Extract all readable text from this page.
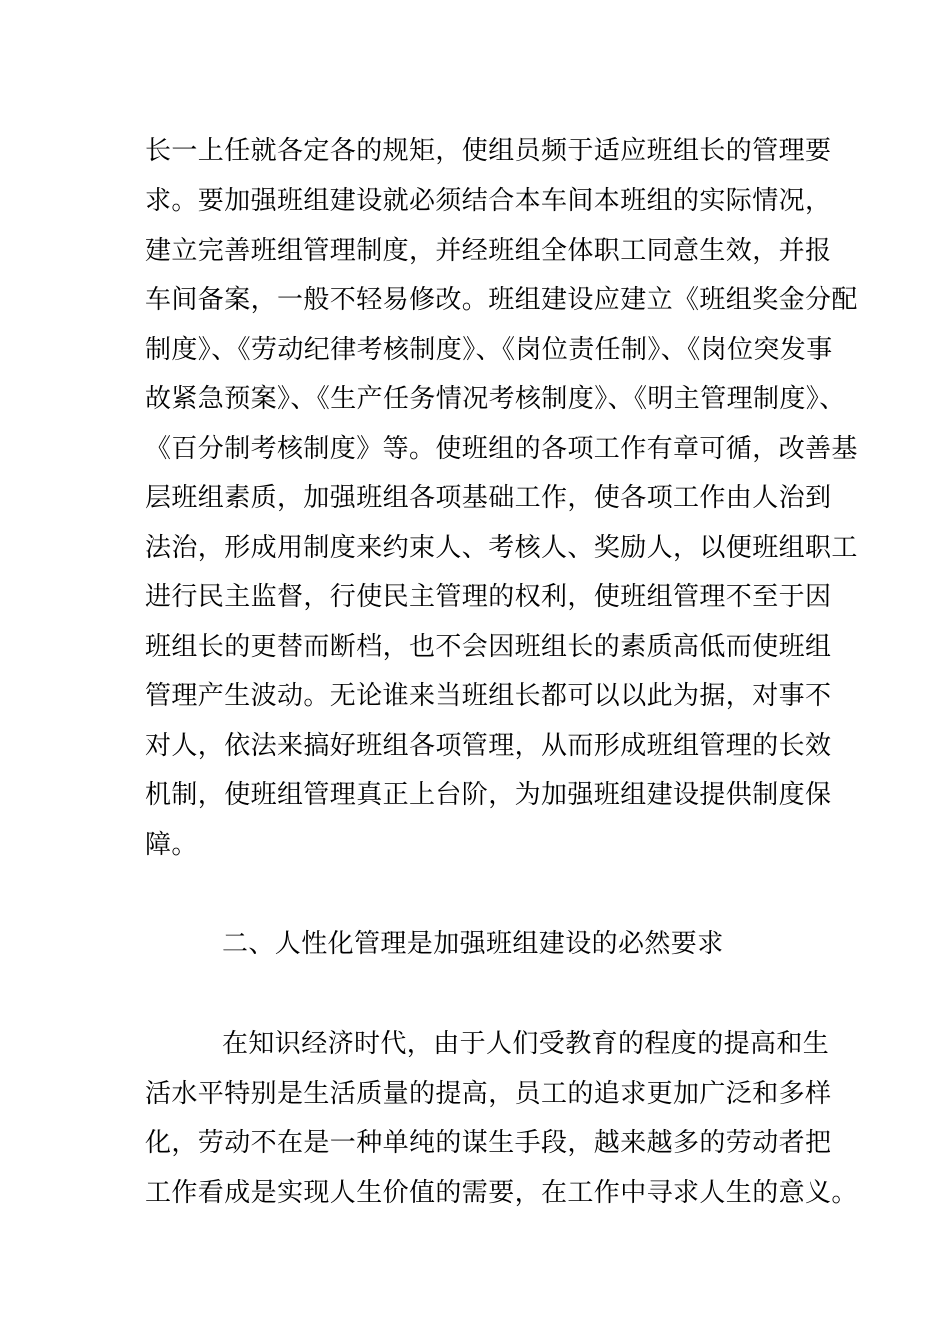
长一上任就各定各的规矩，使组员频于适应班组长的管理要
求。要加强班组建设就必须结合本车间本班组的实际情况，
建立完善班组管理制度，并经班组全体职工同意生效，并报
车间备案，一般不轻易修改。班组建设应建立《班组奖金分配
制度》、《劳动纪律考核制度》、《岗位责任制》、《岗位突发事
故紧急预案》、《生产任务情况考核制度》、《明主管理制度》、
《百分制考核制度》等。使班组的各项工作有章可循，改善基
层班组素质，加强班组各项基础工作，使各项工作由人治到
法治，形成用制度来约束人、考核人、奖励人，以便班组职工
进行民主监督，行使民主管理的权利，使班组管理不至于因
班组长的更替而断档，也不会因班组长的素质高低而使班组
管理产生波动。无论谁来当班组长都可以以此为据，对事不
对人，依法来搞好班组各项管理，从而形成班组管理的长效
机制，使班组管理真正上台阶，为加强班组建设提供制度保
障。
二、人性化管理是加强班组建设的必然要求
在知识经济时代，由于人们受教育的程度的提高和生
活水平特别是生活质量的提高，员工的追求更加广泛和多样
化，劳动不在是一种单纯的谋生手段，越来越多的劳动者把
工作看成是实现人生价值的需要，在工作中寻求人生的意义。
